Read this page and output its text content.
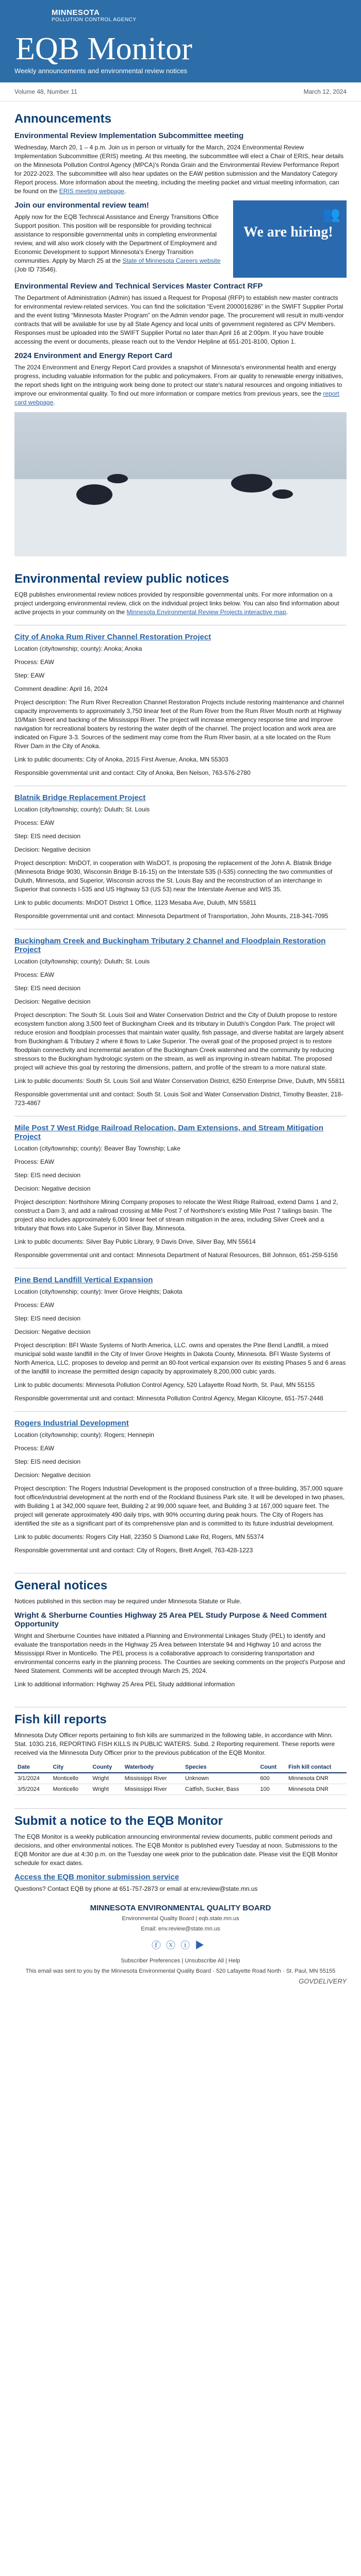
MINNESOTA
POLLUTION CONTROL AGENCY
EQB Monitor
Weekly announcements and environmental review notices
Volume 48, Number 11	March 12, 2024
Announcements
Environmental Review Implementation Subcommittee meeting

Wednesday, March 20, 1 – 4 p.m. Join us in person or virtually for the March, 2024 Environmental Review Implementation Subcommittee (ERIS) meeting. At this meeting, the subcommittee will elect a Chair of ERIS, hear details on the Minnesota Pollution Control Agency (MPCA)'s Ronda Grain and the Environmental Review Performance Report for 2022-2023. The subcommittee will also hear updates on the EAW petition submission and the Mandatory Category Report process. More information about the meeting, including the meeting packet and virtual meeting information, can be found on the ERIS meeting webpage.

👥
We are hiring!
Join our environmental review team!

Apply now for the EQB Technical Assistance and Energy Transitions Office Support position. This position will be responsible for providing technical assistance to responsible governmental units in completing environmental review, and will also work closely with the Department of Employment and Economic Development to support Minnesota's Energy Transition communities. Apply by March 25 at the State of Minnesota Careers website (Job ID 73546).

Environmental Review and Technical Services Master Contract RFP

The Department of Administration (Admin) has issued a Request for Proposal (RFP) to establish new master contracts for environmental review-related services. You can find the solicitation “Event 2000016286” in the SWIFT Supplier Portal and the event listing “Minnesota Master Program” on the Admin vendor page. The procurement will result in multi-vendor contracts that will be available for use by all State Agency and local units of government registered as CPV Members. Responses must be uploaded into the SWIFT Supplier Portal no later than April 16 at 2:00pm. If you have trouble accessing the event or documents, please reach out to the Vendor Helpline at 651-201-8100, Option 1.

2024 Environment and Energy Report Card

The 2024 Environment and Energy Report Card provides a snapshot of Minnesota's environmental health and energy progress, including valuable information for the public and policymakers. From air quality to renewable energy initiatives, the report sheds light on the intriguing work being done to protect our state's natural resources and ongoing initiatives to improve our environmental quality. To find out more information or compare metrics from previous years, see the report card webpage.

Environmental review public notices

EQB publishes environmental review notices provided by responsible governmental units. For more information on a project undergoing environmental review, click on the individual project links below. You can also find information about active projects in your community on the Minnesota Environmental Review Projects interactive map.

City of Anoka Rum River Channel Restoration Project

Location (city/township; county): Anoka; Anoka

Process: EAW

Step: EAW

Comment deadline: April 16, 2024

Project description: The Rum River Recreation Channel Restoration Projects include restoring maintenance and channel capacity improvements to approximately 3,750 linear feet of the Rum River from the Rum River Mouth north at Highway 10/Main Street and backing of the Mississippi River. The project will increase emergency response time and improve navigation for recreational boaters by restoring the water depth of the channel. The project location and work area are indicated on Figure 3-3. Sources of the sediment may come from the Rum River basin, at a site located on the Rum River Dam in the City of Anoka.

Link to public documents: City of Anoka, 2015 First Avenue, Anoka, MN 55303

Responsible governmental unit and contact: City of Anoka, Ben Nelson, 763-576-2780

Blatnik Bridge Replacement Project

Location (city/township; county): Duluth; St. Louis

Process: EAW

Step: EIS need decision

Decision: Negative decision

Project description: MnDOT, in cooperation with WisDOT, is proposing the replacement of the John A. Blatnik Bridge (Minnesota Bridge 9030, Wisconsin Bridge B-16-15) on the Interstate 535 (I-535) connecting the two communities of Duluth, Minnesota, and Superior, Wisconsin across the St. Louis Bay and the reconstruction of an interchange in Superior that connects I-535 and US Highway 53 (US 53) near the Interstate Avenue and WIS 35.

Link to public documents: MnDOT District 1 Office, 1123 Mesaba Ave, Duluth, MN 55811

Responsible governmental unit and contact: Minnesota Department of Transportation, John Mounts, 218-341-7095

Buckingham Creek and Buckingham Tributary 2 Channel and Floodplain Restoration Project

Location (city/township; county): Duluth; St. Louis

Process: EAW

Step: EIS need decision

Decision: Negative decision

Project description: The South St. Louis Soil and Water Conservation District and the City of Duluth propose to restore ecosystem function along 3,500 feet of Buckingham Creek and its tributary in Duluth's Congdon Park. The project will reduce erosion and floodplain processes that maintain water quality, fish passage, and diverse habitat are largely absent from Buckingham & Tributary 2 where it flows to Lake Superior. The overall goal of the proposed project is to restore floodplain connectivity and incremental aeration of the Buckingham Creek watershed and the community by reducing stressors to the Buckingham hydrologic system on the stream, as well as improving in-stream habitat. The proposed project will achieve this goal by restoring the dimensions, pattern, and profile of the stream to a more natural state.

Link to public documents: South St. Louis Soil and Water Conservation District, 6250 Enterprise Drive, Duluth, MN 55811

Responsible governmental unit and contact: South St. Louis Soil and Water Conservation District, Timothy Beaster, 218-723-4867

Mile Post 7 West Ridge Railroad Relocation, Dam Extensions, and Stream Mitigation Project

Location (city/township; county): Beaver Bay Township; Lake

Process: EAW

Step: EIS need decision

Decision: Negative decision

Project description: Northshore Mining Company proposes to relocate the West Ridge Railroad, extend Dams 1 and 2, construct a Dam 3, and add a railroad crossing at Mile Post 7 of Northshore's existing Mile Post 7 tailings basin. The project also includes approximately 6,000 linear feet of stream mitigation in the area, including Silver Creek and a tributary that flows into Lake Superior in Silver Bay, Minnesota.

Link to public documents: Silver Bay Public Library, 9 Davis Drive, Silver Bay, MN 55614

Responsible governmental unit and contact: Minnesota Department of Natural Resources, Bill Johnson, 651-259-5156

Pine Bend Landfill Vertical Expansion

Location (city/township; county): Inver Grove Heights; Dakota

Process: EAW

Step: EIS need decision

Decision: Negative decision

Project description: BFI Waste Systems of North America, LLC. owns and operates the Pine Bend Landfill, a mixed municipal solid waste landfill in the City of Inver Grove Heights in Dakota County, Minnesota. BFI Waste Systems of North America, LLC. proposes to develop and permit an 80-foot vertical expansion over its existing Phases 5 and 6 areas of the landfill to increase the permitted design capacity by approximately 8,200,000 cubic yards.

Link to public documents: Minnesota Pollution Control Agency, 520 Lafayette Road North, St. Paul, MN 55155

Responsible governmental unit and contact: Minnesota Pollution Control Agency, Megan Kilcoyne, 651-757-2448

Rogers Industrial Development

Location (city/township; county): Rogers; Hennepin

Process: EAW

Step: EIS need decision

Decision: Negative decision

Project description: The Rogers Industrial Development is the proposed construction of a three-building, 357,000 square foot office/industrial development at the north end of the Rockland Business Park site. It will be developed in two phases, with Building 1 at 342,000 square feet, Building 2 at 99,000 square feet, and Building 3 at 167,000 square feet. The project will generate approximately 490 daily trips, with 90% occurring during peak hours. The City of Rogers has identified the site as a significant part of its comprehensive plan and is committed to its future industrial development.

Link to public documents: Rogers City Hall, 22350 S Diamond Lake Rd, Rogers, MN 55374

Responsible governmental unit and contact: City of Rogers, Brett Angell, 763-428-1223

General notices

Notices published in this section may be required under Minnesota Statute or Rule.

Wright & Sherburne Counties Highway 25 Area PEL Study Purpose & Need Comment Opportunity

Wright and Sherburne Counties have initiated a Planning and Environmental Linkages Study (PEL) to identify and evaluate the transportation needs in the Highway 25 Area between Interstate 94 and Highway 10 and across the Mississippi River in Monticello. The PEL process is a collaborative approach to considering transportation and environmental concerns early in the planning process. The Counties are seeking comments on the project's Purpose and Need Statement. Comments will be accepted through March 25, 2024.

Link to additional information: Highway 25 Area PEL Study additional information

Fish kill reports

Minnesota Duty Officer reports pertaining to fish kills are summarized in the following table, in accordance with Minn. Stat. 103G.216, REPORTING FISH KILLS IN PUBLIC WATERS. Subd. 2 Reporting requirement. These reports were received via the Minnesota Duty Officer prior to the previous publication of the EQB Monitor.

Date	City	County	Waterbody	Species	Count	Fish kill contact
3/1/2024	Monticello	Wright	Mississippi River	Unknown	600	Minnesota DNR
3/5/2024	Monticello	Wright	Mississippi River	Catfish, Sucker, Bass	100	Minnesota DNR
Submit a notice to the EQB Monitor

The EQB Monitor is a weekly publication announcing environmental review documents, public comment periods and decisions, and other environmental notices. The EQB Monitor is published every Tuesday at noon. Submissions to the EQB Monitor are due at 4:30 p.m. on the Tuesday one week prior to the publication date. Please visit the EQB Monitor schedule for exact dates.

Access the EQB monitor submission service

Questions? Contact EQB by phone at 651-757-2873 or email at env.review@state.mn.us

MINNESOTA ENVIRONMENTAL QUALITY BOARD

Environmental Quality Board | eqb.state.mn.us

Email: env.review@state.mn.us

ⓕⓧⓘ▶

Subscriber Preferences | Unsubscribe All | Help

This email was sent to you by the Minnesota Environmental Quality Board · 520 Lafayette Road North · St. Paul, MN 55155

GOVDELIVERY
